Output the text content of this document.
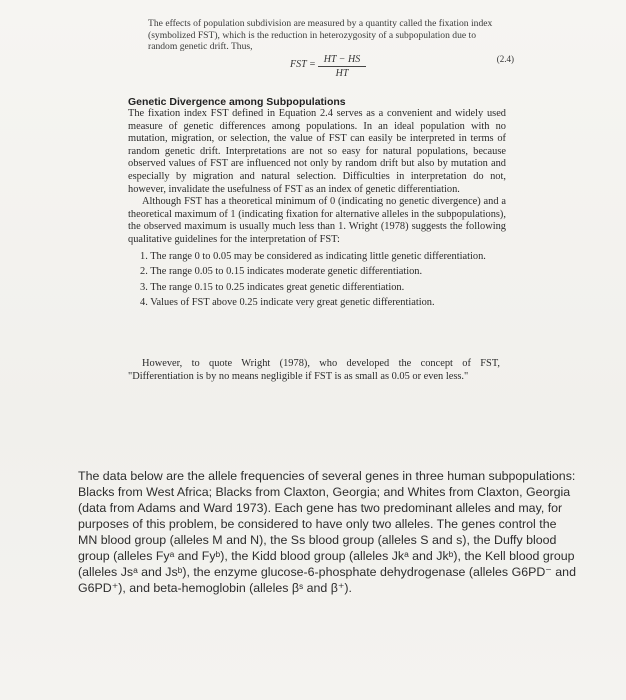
The effects of population subdivision are measured by a quantity called the fixation index (symbolized FST), which is the reduction in heterozygosity of a subpopulation due to random genetic drift. Thus,

FST = $\frac{HT - HS}{HT}$	(2.4)
Genetic Divergence among Subpopulations

The fixation index FST defined in Equation 2.4 serves as a convenient and widely used measure of genetic differences among populations. In an ideal population with no mutation, migration, or selection, the value of FST can easily be interpreted in terms of random genetic drift. Interpretations are not so easy for natural populations, because observed values of FST are influenced not only by random drift but also by mutation and especially by migration and natural selection. Difficulties in interpretation do not, however, invalidate the usefulness of FST as an index of genetic differentiation.

Although FST has a theoretical minimum of 0 (indicating no genetic divergence) and a theoretical maximum of 1 (indicating fixation for alternative alleles in the subpopulations), the observed maximum is usually much less than 1. Wright (1978) suggests the following qualitative guidelines for the interpretation of FST:

1. The range 0 to 0.05 may be considered as indicating little genetic differentiation.
2. The range 0.05 to 0.15 indicates moderate genetic differentiation.
3. The range 0.15 to 0.25 indicates great genetic differentiation.
4. Values of FST above 0.25 indicate very great genetic differentiation.

However, to quote Wright (1978), who developed the concept of FST, "Differentiation is by no means negligible if FST is as small as 0.05 or even less."

The data below are the allele frequencies of several genes in three human subpopulations: Blacks from West Africa; Blacks from Claxton, Georgia; and Whites from Claxton, Georgia (data from Adams and Ward 1973). Each gene has two predominant alleles and may, for purposes of this problem, be considered to have only two alleles. The genes control the MN blood group (alleles M and N), the Ss blood group (alleles S and s), the Duffy blood group (alleles Fyᵃ and Fyᵇ), the Kidd blood group (alleles Jkᵃ and Jkᵇ), the Kell blood group (alleles Jsᵃ and Jsᵇ), the enzyme glucose-6-phosphate dehydrogenase (alleles G6PD⁻ and G6PD⁺), and beta-hemoglobin (alleles βˢ and β⁺).
